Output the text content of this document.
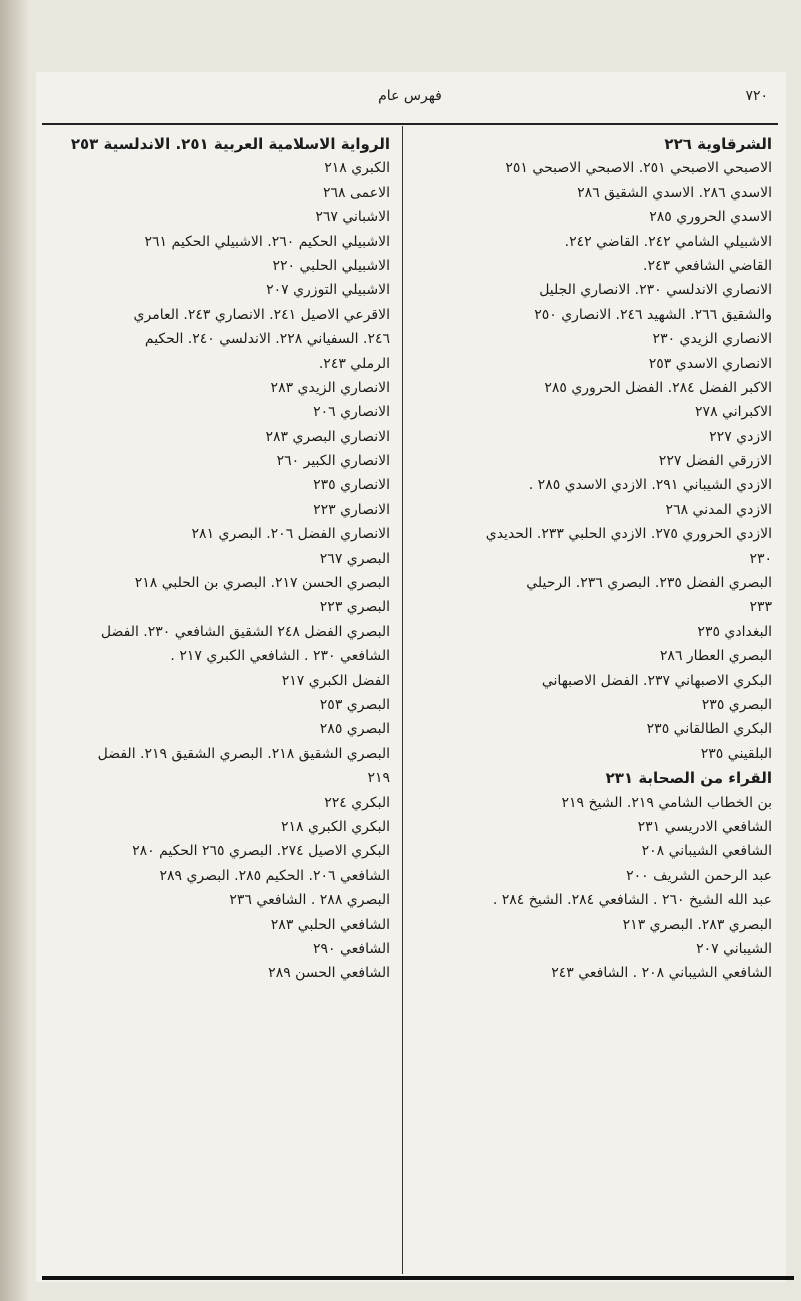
٧٢٠
فهرس عام
الشرقاوية ٢٢٦
الاصبحي الاصبحي ٢٥١. الاصبحي الاصبحي ٢٥١
الاسدي ٢٨٦. الاسدي الشقيق ٢٨٦
الاسدي الحروري ٢٨٥
الاشبيلي الشامي ٢٤٢. القاضي ٢٤٢.
القاضي الشافعي ٢٤٣.
الانصاري الاندلسي ٢٣٠. الانصاري الجليل
والشقيق ٢٦٦. الشهيد ٢٤٦. الانصاري ٢٥٠
الانصاري الزيدي ٢٣٠
الانصاري الاسدي ٢٥٣
الاكبر الفضل ٢٨٤. الفضل الحروري ٢٨٥
الاكبراني ٢٧٨
الازدي ٢٢٧
الازرقي الفضل ٢٢٧
الازدي الشيباني ٢٩١. الازدي الاسدي ٢٨٥ .
الازدي المدني ٢٦٨
الازدي الحروري ٢٧٥. الازدي الحلبي ٢٣٣. الحديدي
٢٣٠
البصري الفضل ٢٣٥. البصري ٢٣٦. الرحيلي
٢٣٣
البغدادي ٢٣٥
البصري العطار ٢٨٦
البكري الاصبهاني ٢٣٧. الفضل الاصبهاني
البصري ٢٣٥
البكري الطالقاني ٢٣٥
البلقيني ٢٣٥
القراء من الصحابة ٢٣١
بن الخطاب الشامي ٢١٩. الشيخ ٢١٩
الشافعي الادريسي ٢٣١
الشافعي الشيباني ٢٠٨
عبد الرحمن الشريف ٢٠٠
عبد الله الشيخ ٢٦٠ . الشافعي ٢٨٤. الشيخ ٢٨٤ .
البصري ٢٨٣. البصري ٢١٣
الشيباني ٢٠٧
الشافعي الشيباني ٢٠٨ . الشافعي ٢٤٣
الرواية الاسلامية العربية ٢٥١. الاندلسية ٢٥٣
الكبري ٢١٨
الاعمى ٢٦٨
الاشباني ٢٦٧
الاشبيلي الحكيم ٢٦٠. الاشبيلي الحكيم ٢٦١
الاشبيلي الحلبي ٢٢٠
الاشبيلي التوزري ٢٠٧
الاقرعي الاصيل ٢٤١. الانصاري ٢٤٣. العامري
٢٤٦. السفياني ٢٢٨. الاندلسي ٢٤٠. الحكيم
الرملي ٢٤٣.
الانصاري الزيدي ٢٨٣
الانصاري ٢٠٦
الانصاري البصري ٢٨٣
الانصاري الكبير ٢٦٠
الانصاري ٢٣٥
الانصاري ٢٢٣
الانصاري الفضل ٢٠٦. البصري ٢٨١
البصري ٢٦٧
البصري الحسن ٢١٧. البصري بن الحلبي ٢١٨
البصري ٢٢٣
البصري الفضل ٢٤٨ الشقيق الشافعي ٢٣٠. الفضل
الشافعي ٢٣٠ . الشافعي الكبري ٢١٧ .
الفضل الكبري ٢١٧
البصري ٢٥٣
البصري ٢٨٥
البصري الشقيق ٢١٨. البصري الشقيق ٢١٩. الفضل
٢١٩
البكري ٢٢٤
البكري الكبري ٢١٨
البكري الاصيل ٢٧٤. البصري ٢٦٥ الحكيم ٢٨٠
الشافعي ٢٠٦. الحكيم ٢٨٥. البصري ٢٨٩
البصري ٢٨٨ . الشافعي ٢٣٦
الشافعي الحلبي ٢٨٣
الشافعي ٢٩٠
الشافعي الحسن ٢٨٩
